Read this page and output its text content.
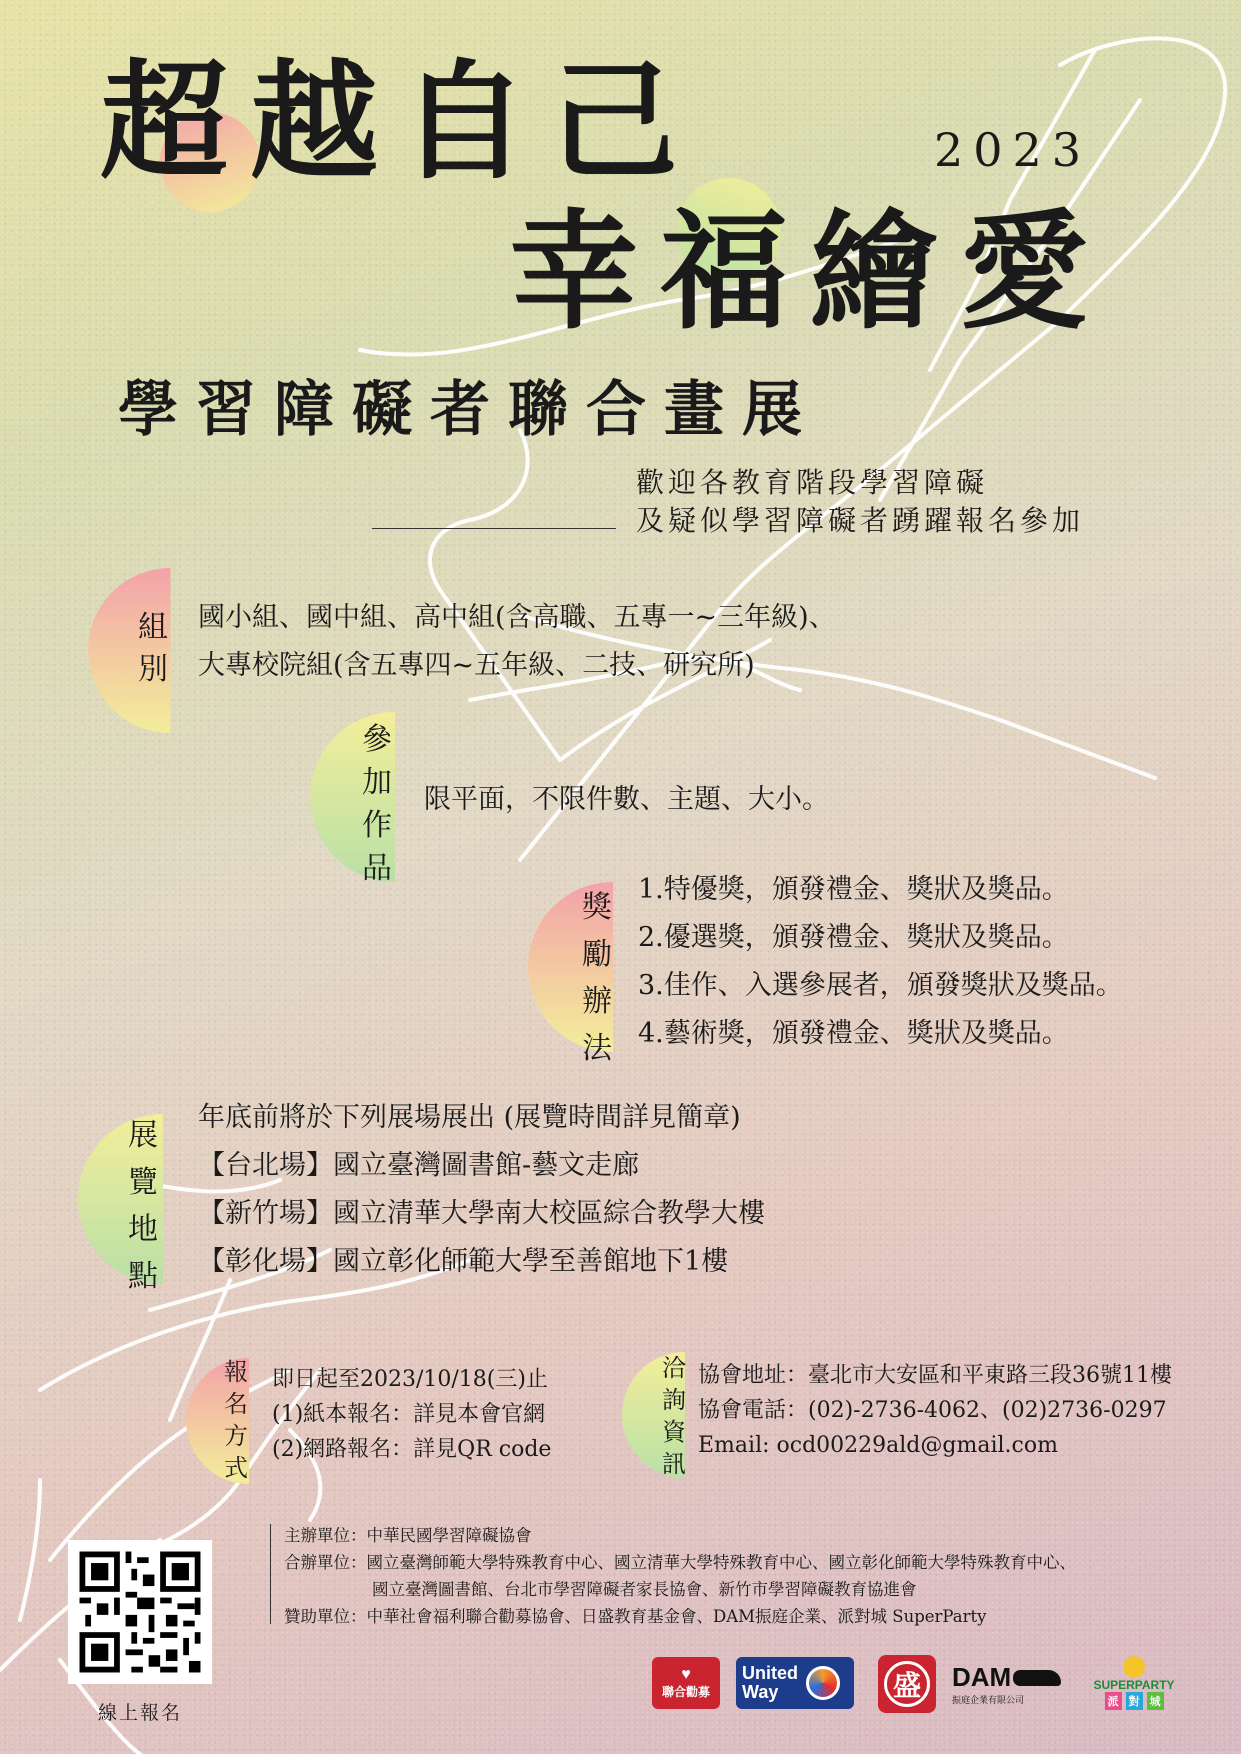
超越自己	2023
幸福繪愛
學習障礙者聯合畫展
歡迎各教育階段學習障礙
及疑似學習障礙者踴躍報名參加
組
別
國小組、國中組、高中組(含高職、五專一~三年級)、
大專校院組(含五專四~五年級、二技、研究所)
參
加
作
品
限平面，不限件數、主題、大小。
獎
勵
辦
法
1.特優獎，頒發禮金、獎狀及獎品。
2.優選獎，頒發禮金、獎狀及獎品。
3.佳作、入選參展者，頒發獎狀及獎品。
4.藝術獎，頒發禮金、獎狀及獎品。
展
覽
地
點
年底前將於下列展場展出 (展覽時間詳見簡章)
【台北場】國立臺灣圖書館-藝文走廊
【新竹場】國立清華大學南大校區綜合教學大樓
【彰化場】國立彰化師範大學至善館地下1樓
報
名
方
式
即日起至2023/10/18(三)止
(1)紙本報名：詳見本會官網
(2)網路報名：詳見QR code
洽
詢
資
訊
協會地址：臺北市大安區和平東路三段36號11樓
協會電話：(02)-2736-4062、(02)2736-0297
Email: ocd00229ald@gmail.com
主辦單位：中華民國學習障礙協會
合辦單位：國立臺灣師範大學特殊教育中心、國立清華大學特殊教育中心、國立彰化師範大學特殊教育中心、
國立臺灣圖書館、台北市學習障礙者家長協會、新竹市學習障礙教育協進會
贊助單位：中華社會福利聯合勸募協會、日盛教育基金會、DAM振庭企業、派對城 SuperParty
線上報名
♥
聯合勸募
United
Way	盛 DAM
振庭企業有限公司
SUPERPARTY
派 對 城
